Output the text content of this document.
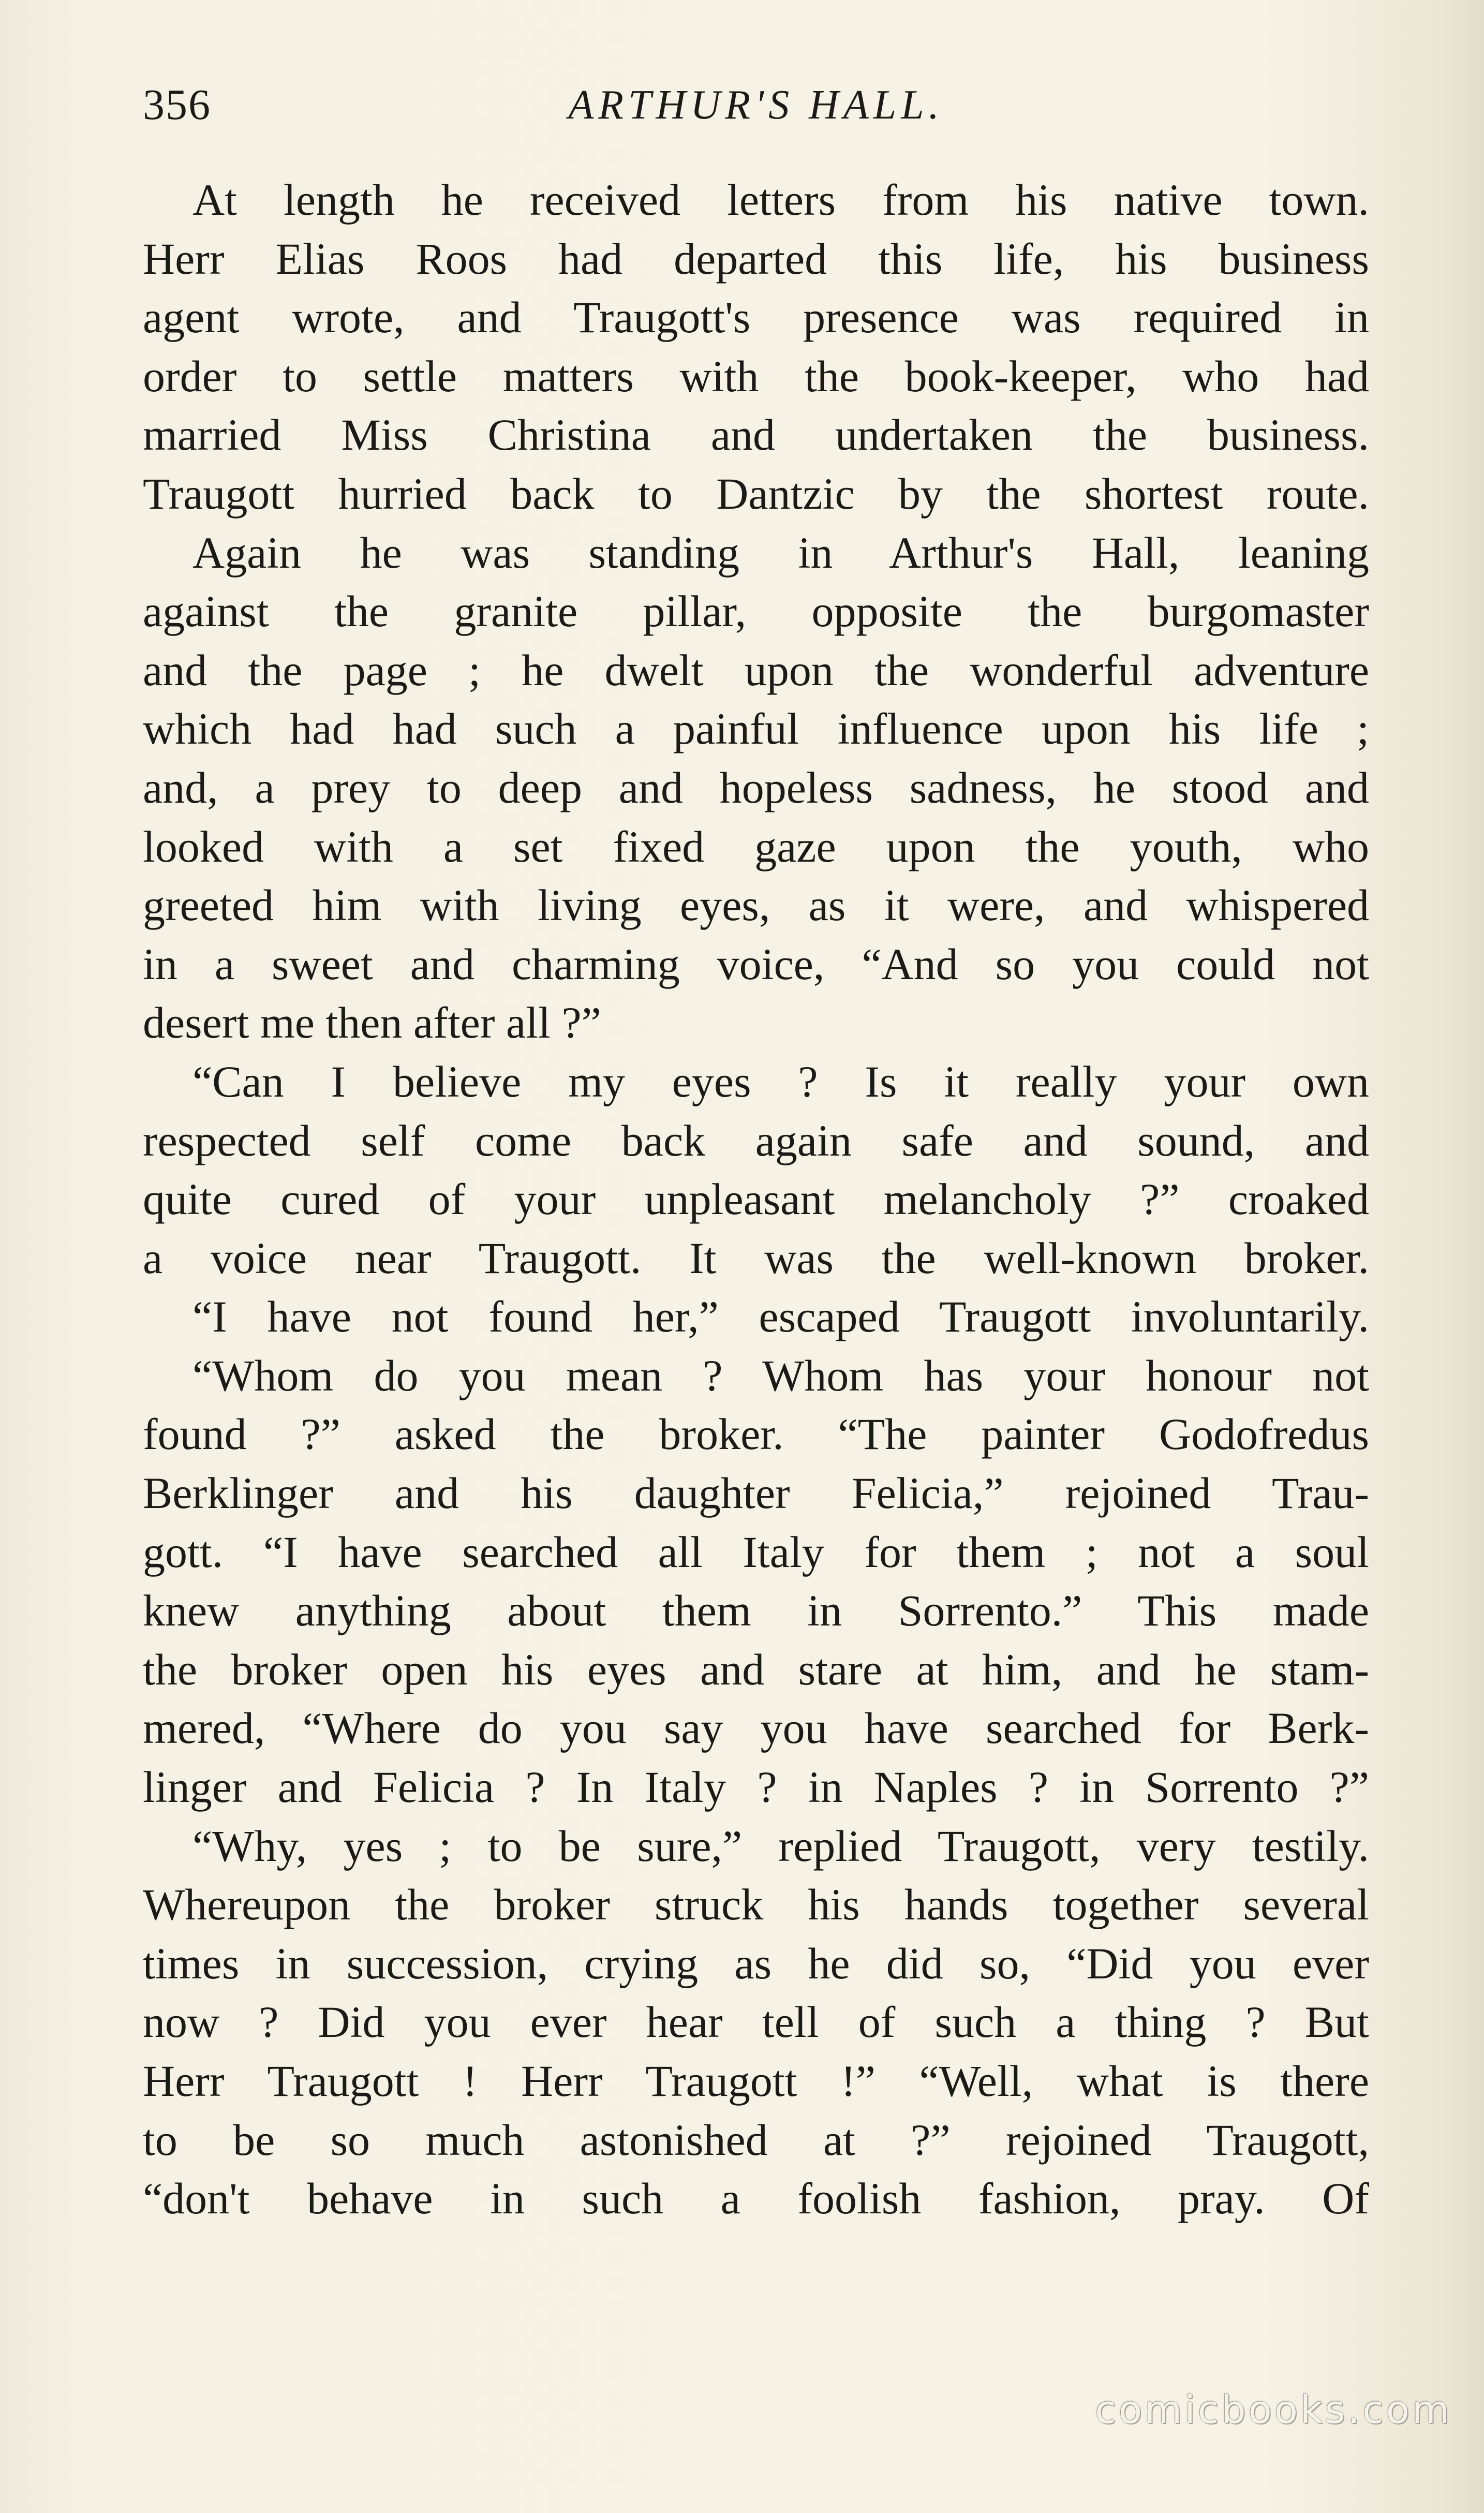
356	ARTHUR'S HALL.
At length he received letters from his native town.
Herr Elias Roos had departed this life, his business
agent wrote, and Traugott's presence was required in
order to settle matters with the book-keeper, who had
married Miss Christina and undertaken the business.
Traugott hurried back to Dantzic by the shortest route.
Again he was standing in Arthur's Hall, leaning
against the granite pillar, opposite the burgomaster
and the page ; he dwelt upon the wonderful adventure
which had had such a painful influence upon his life ;
and, a prey to deep and hopeless sadness, he stood and
looked with a set fixed gaze upon the youth, who
greeted him with living eyes, as it were, and whispered
in a sweet and charming voice, “And so you could not
desert me then after all ?”
“Can I believe my eyes ? Is it really your own
respected self come back again safe and sound, and
quite cured of your unpleasant melancholy ?” croaked
a voice near Traugott. It was the well-known broker.
“I have not found her,” escaped Traugott involuntarily.
“Whom do you mean ? Whom has your honour not
found ?” asked the broker. “The painter Godofredus
Berklinger and his daughter Felicia,” rejoined Trau-
gott. “I have searched all Italy for them ; not a soul
knew anything about them in Sorrento.” This made
the broker open his eyes and stare at him, and he stam-
mered, “Where do you say you have searched for Berk-
linger and Felicia ? In Italy ? in Naples ? in Sorrento ?”
“Why, yes ; to be sure,” replied Traugott, very testily.
Whereupon the broker struck his hands together several
times in succession, crying as he did so, “Did you ever
now ? Did you ever hear tell of such a thing ? But
Herr Traugott ! Herr Traugott !” “Well, what is there
to be so much astonished at ?” rejoined Traugott,
“don't behave in such a foolish fashion, pray. Of
comicbooks.com
